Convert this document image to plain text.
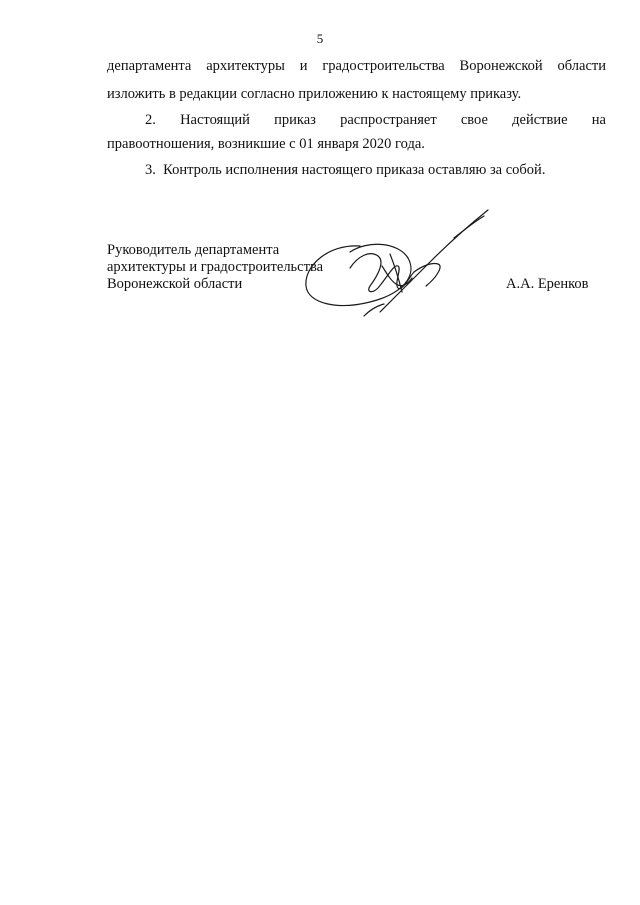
5
департамента архитектуры и градостроительства Воронежской области
изложить в редакции согласно приложению к настоящему приказу.
2. Настоящий приказ распространяет свое действие на
правоотношения, возникшие с 01 января 2020 года.
3. Контроль исполнения настоящего приказа оставляю за собой.
Руководитель департамента
архитектуры и градостроительства
Воронежской области	А.А. Еренков
